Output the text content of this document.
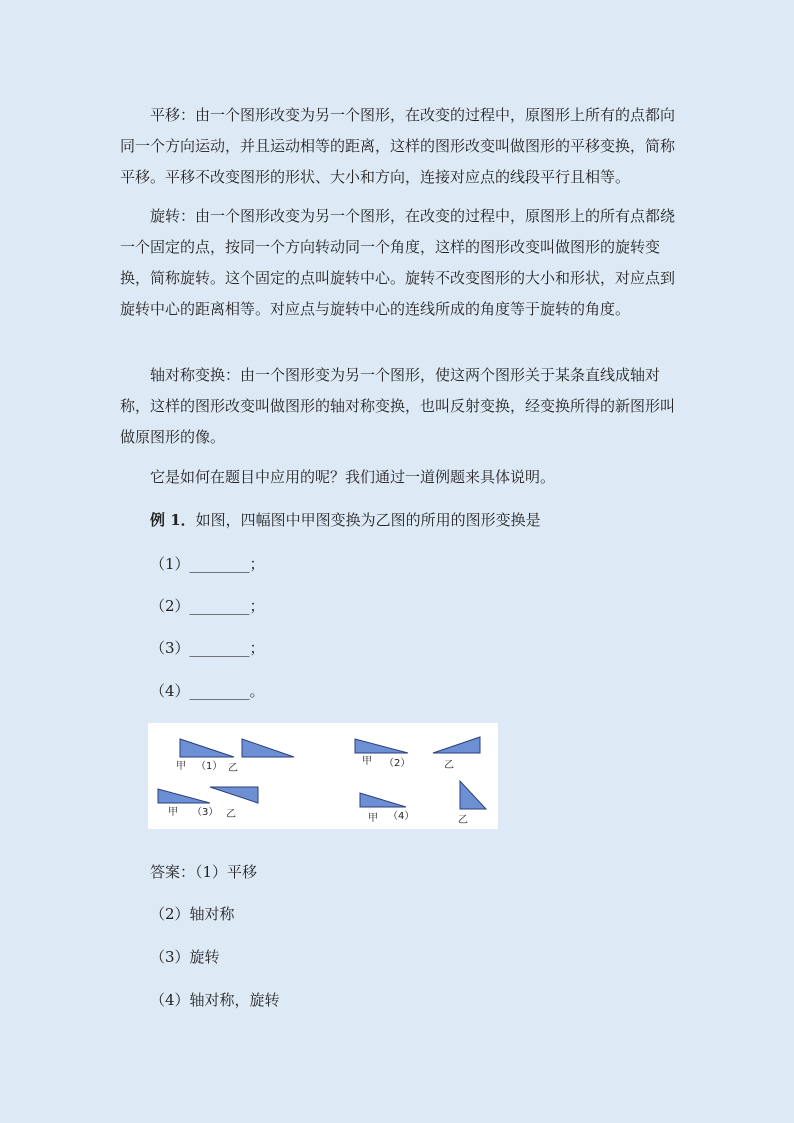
平移：由一个图形改变为另一个图形，在改变的过程中，原图形上所有的点都向同一个方向运动，并且运动相等的距离，这样的图形改变叫做图形的平移变换，简称平移。平移不改变图形的形状、大小和方向，连接对应点的线段平行且相等。

旋转：由一个图形改变为另一个图形，在改变的过程中，原图形上的所有点都绕一个固定的点，按同一个方向转动同一个角度，这样的图形改变叫做图形的旋转变换，简称旋转。这个固定的点叫旋转中心。旋转不改变图形的大小和形状，对应点到旋转中心的距离相等。对应点与旋转中心的连线所成的角度等于旋转的角度。

轴对称变换：由一个图形变为另一个图形，使这两个图形关于某条直线成轴对称，这样的图形改变叫做图形的轴对称变换，也叫反射变换，经变换所得的新图形叫做原图形的像。

它是如何在题目中应用的呢？我们通过一道例题来具体说明。

例 1．如图，四幅图中甲图变换为乙图的所用的图形变换是

（1）________；

（2）________；

（3）________；

（4）________。

甲 （1） 乙
甲 （2）	乙
甲 （3） 乙	甲 （4）	乙

答案：（1）平移

（2）轴对称

（3）旋转

（4）轴对称，旋转
